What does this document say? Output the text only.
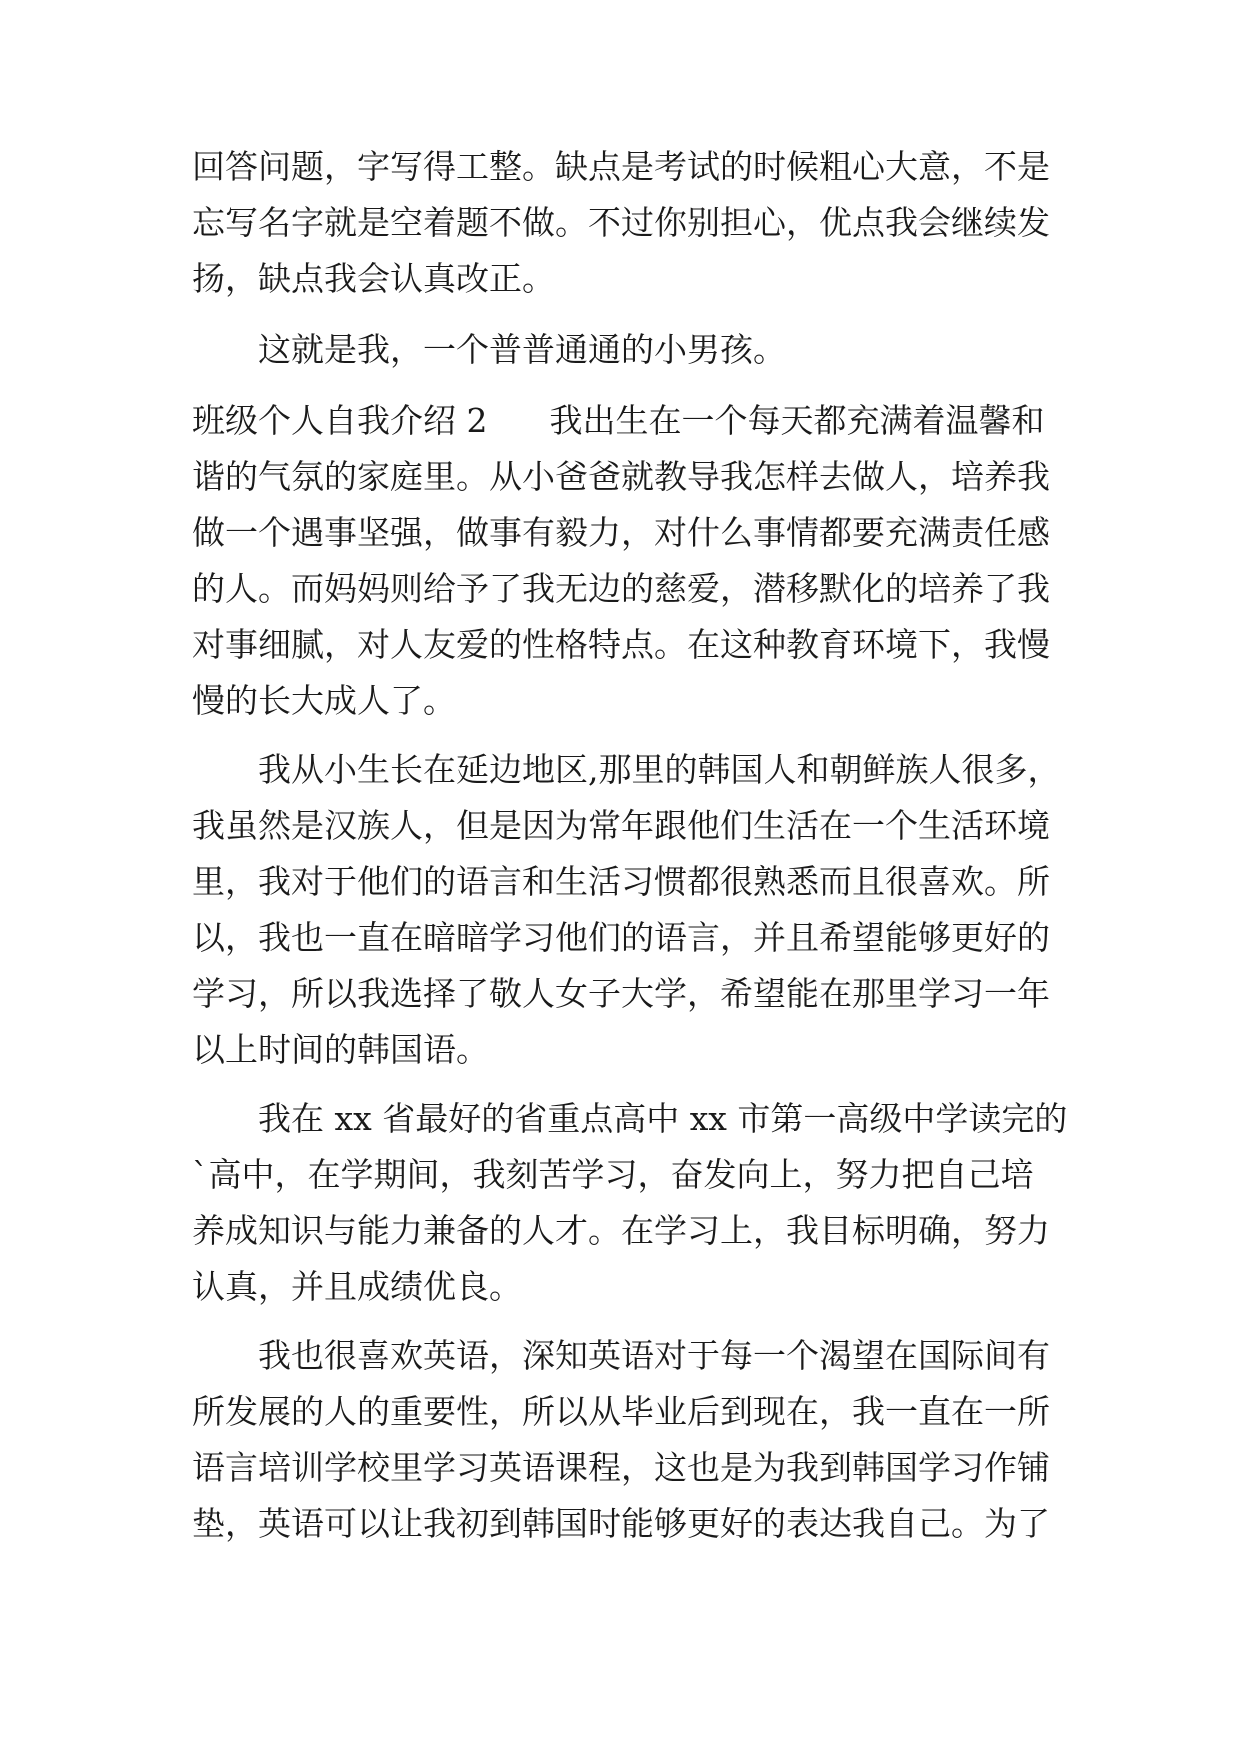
回答问题，字写得工整。缺点是考试的时候粗心大意，不是
忘写名字就是空着题不做。不过你别担心，优点我会继续发
扬，缺点我会认真改正。
这就是我，一个普普通通的小男孩。
班级个人自我介绍 2 我出生在一个每天都充满着温馨和
谐的气氛的家庭里。从小爸爸就教导我怎样去做人，培养我
做一个遇事坚强，做事有毅力，对什么事情都要充满责任感
的人。而妈妈则给予了我无边的慈爱，潜移默化的培养了我
对事细腻，对人友爱的性格特点。在这种教育环境下，我慢
慢的长大成人了。
我从小生长在延边地区,那里的韩国人和朝鲜族人很多，
我虽然是汉族人，但是因为常年跟他们生活在一个生活环境
里，我对于他们的语言和生活习惯都很熟悉而且很喜欢。所
以，我也一直在暗暗学习他们的语言，并且希望能够更好的
学习，所以我选择了敬人女子大学，希望能在那里学习一年
以上时间的韩国语。
我在 xx 省最好的省重点高中 xx 市第一高级中学读完的
`高中，在学期间，我刻苦学习，奋发向上，努力把自己培
养成知识与能力兼备的人才。在学习上，我目标明确，努力
认真，并且成绩优良。
我也很喜欢英语，深知英语对于每一个渴望在国际间有
所发展的人的重要性，所以从毕业后到现在，我一直在一所
语言培训学校里学习英语课程，这也是为我到韩国学习作铺
垫，英语可以让我初到韩国时能够更好的表达我自己。为了
